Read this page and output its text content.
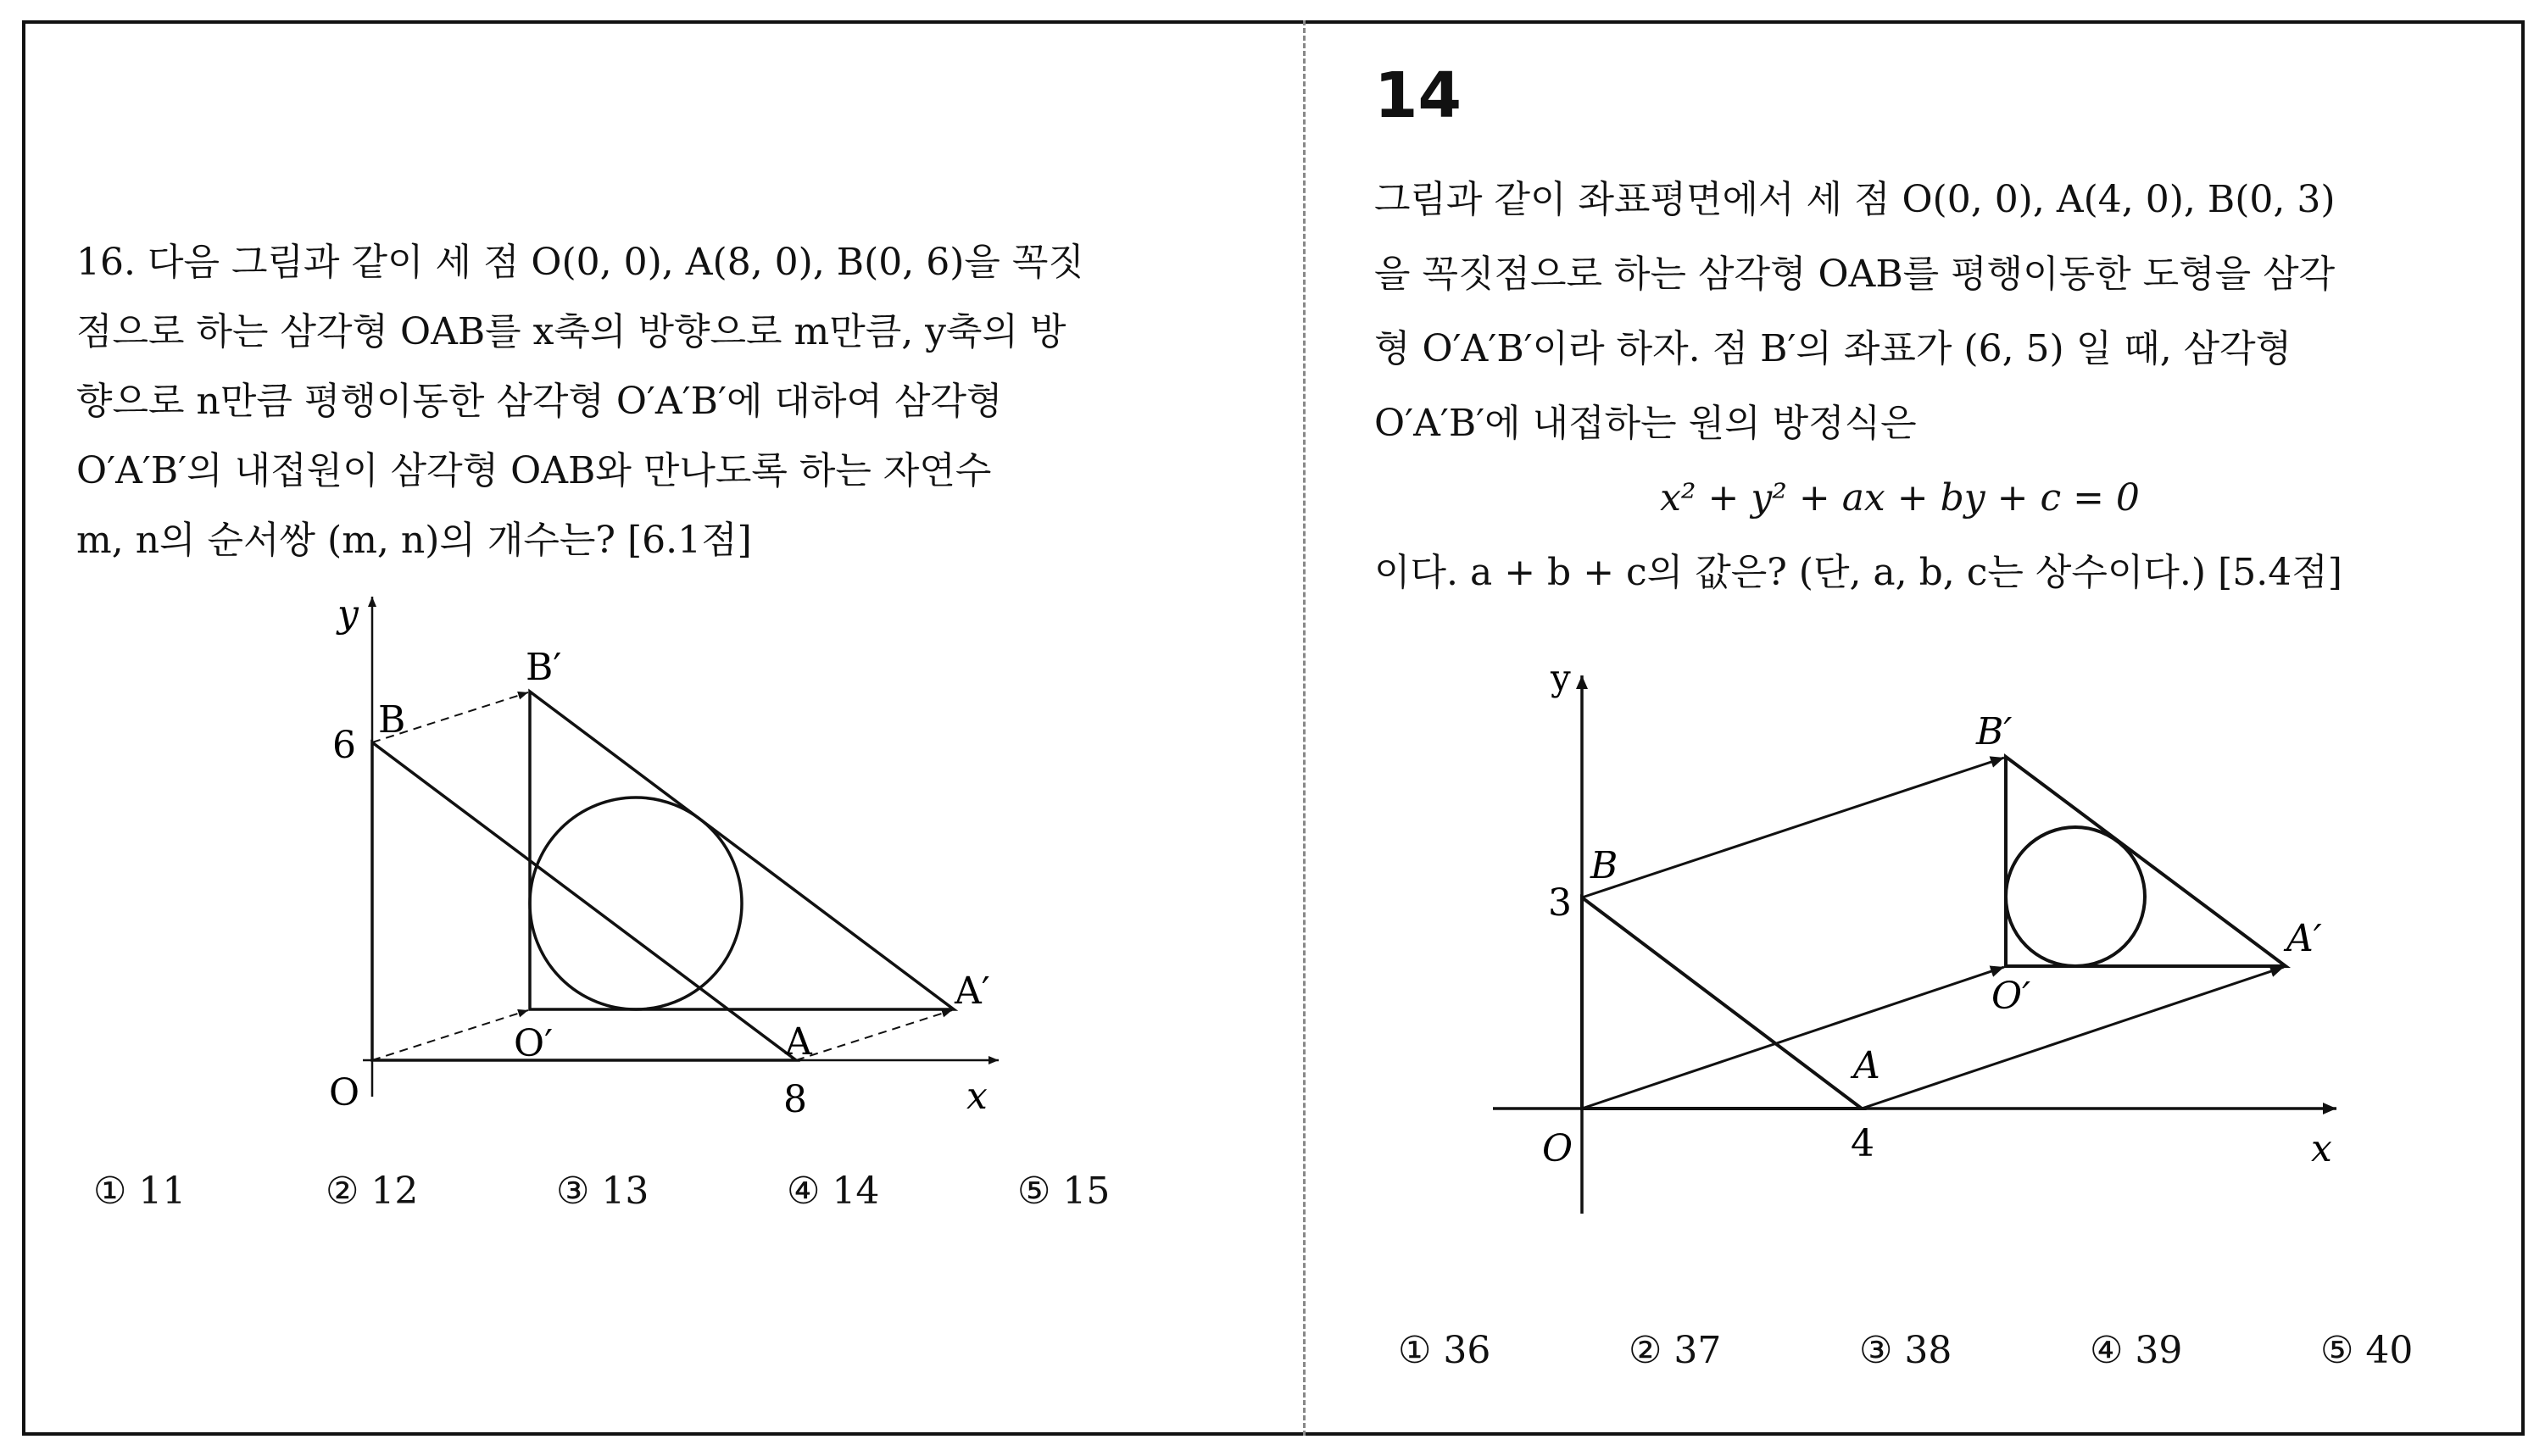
16. 다음 그림과 같이 세 점 O(0, 0), A(8, 0), B(0, 6)을 꼭짓
점으로 하는 삼각형 OAB를 x축의 방향으로 m만큼, y축의 방
향으로 n만큼 평행이동한 삼각형 O′A′B′에 대하여 삼각형
O′A′B′의 내접원이 삼각형 OAB와 만나도록 하는 자연수
m, n의 순서쌍 (m, n)의 개수는? [6.1점]
y
x
O
6
8
B
B′
O′	A
A′
① 11	② 12	③ 13	④ 14	⑤ 15
14
그림과 같이 좌표평면에서 세 점 O(0, 0), A(4, 0), B(0, 3)
을 꼭짓점으로 하는 삼각형 OAB를 평행이동한 도형을 삼각
형 O′A′B′이라 하자. 점 B′의 좌표가 (6, 5) 일 때, 삼각형
O′A′B′에 내접하는 원의 방정식은
x² + y² + ax + by + c = 0
이다. a + b + c의 값은? (단, a, b, c는 상수이다.) [5.4점]
y
x
O
3
4
B
B′
O′
A
A′
① 36	② 37	③ 38	④ 39	⑤ 40
